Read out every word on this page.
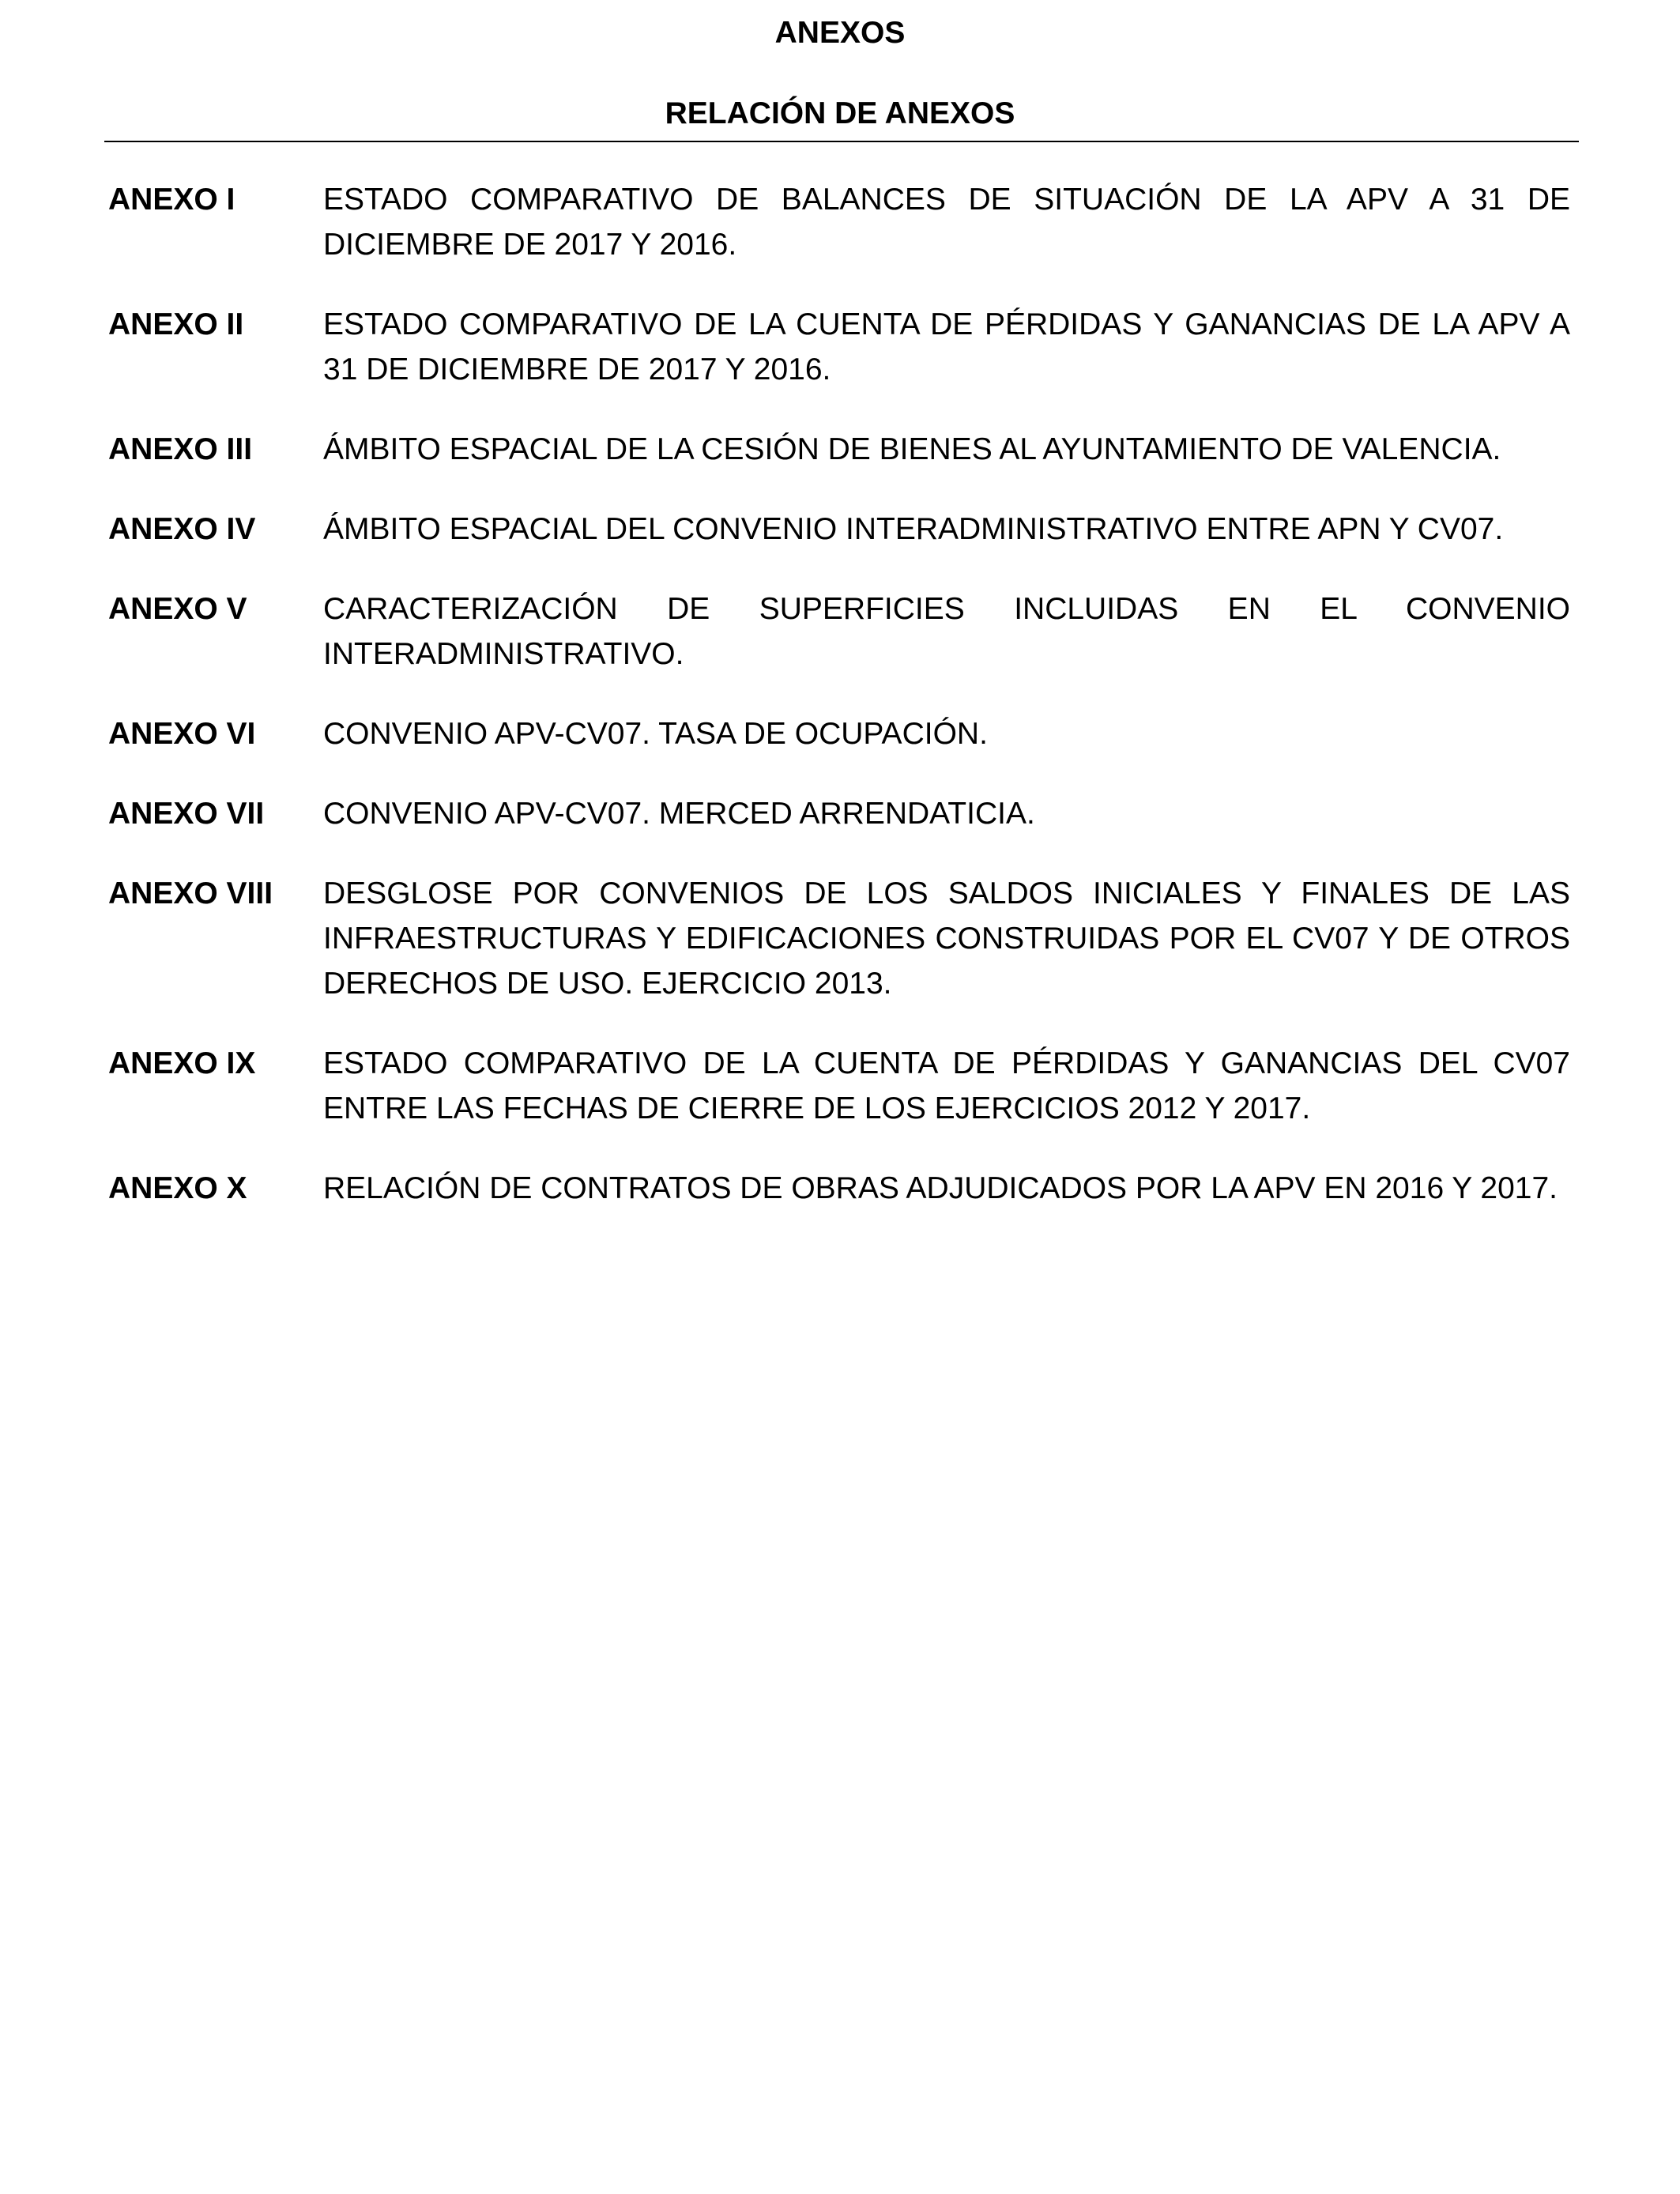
ANEXOS
RELACIÓN DE ANEXOS
ANEXO I	ESTADO COMPARATIVO DE BALANCES DE SITUACIÓN DE LA APV A 31 DE DICIEMBRE DE 2017 Y 2016.
ANEXO II	ESTADO COMPARATIVO DE LA CUENTA DE PÉRDIDAS Y GANANCIAS DE LA APV A 31 DE DICIEMBRE DE 2017 Y 2016.
ANEXO III	ÁMBITO ESPACIAL DE LA CESIÓN DE BIENES AL AYUNTAMIENTO DE VALENCIA.
ANEXO IV	ÁMBITO ESPACIAL DEL CONVENIO INTERADMINISTRATIVO ENTRE APN Y CV07.
ANEXO V	CARACTERIZACIÓN DE SUPERFICIES INCLUIDAS EN EL CONVENIO INTERADMINISTRATIVO.
ANEXO VI	CONVENIO APV-CV07. TASA DE OCUPACIÓN.
ANEXO VII	CONVENIO APV-CV07. MERCED ARRENDATICIA.
ANEXO VIII	DESGLOSE POR CONVENIOS DE LOS SALDOS INICIALES Y FINALES DE LAS INFRAESTRUCTURAS Y EDIFICACIONES CONSTRUIDAS POR EL CV07 Y DE OTROS DERECHOS DE USO. EJERCICIO 2013.
ANEXO IX	ESTADO COMPARATIVO DE LA CUENTA DE PÉRDIDAS Y GANANCIAS DEL CV07 ENTRE LAS FECHAS DE CIERRE DE LOS EJERCICIOS 2012 Y 2017.
ANEXO X	RELACIÓN DE CONTRATOS DE OBRAS ADJUDICADOS POR LA APV EN 2016 Y 2017.
